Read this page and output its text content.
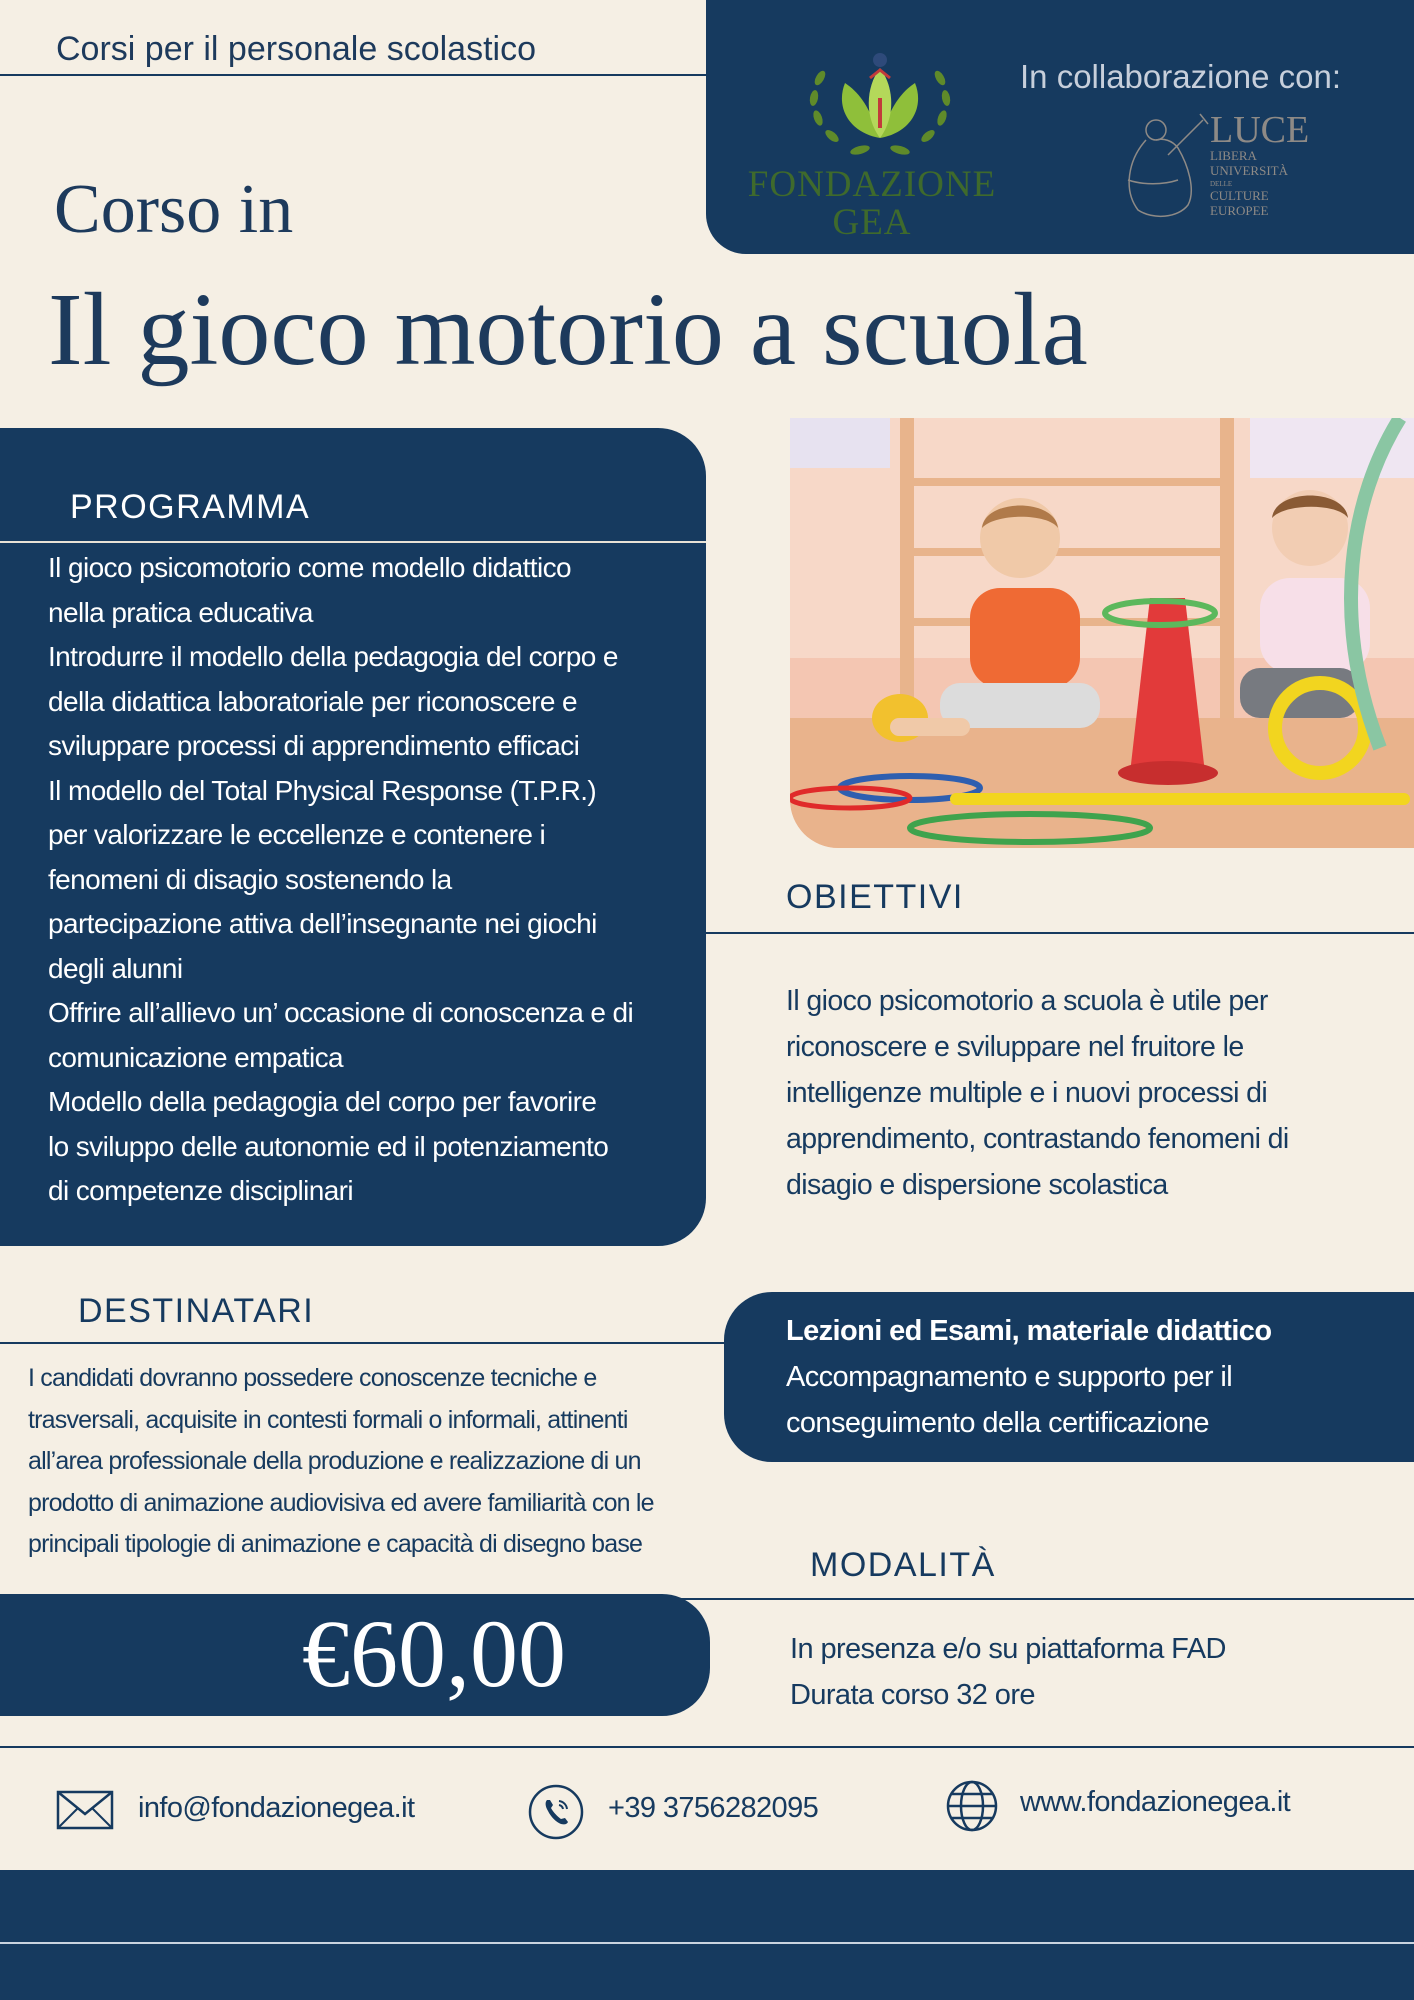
Corsi per il personale scolastico
FONDAZIONE
GEA
In collaborazione con:
LUCE
LIBERA
UNIVERSITÀ
DELLE
CULTURE
EUROPEE
Corso in
Il gioco motorio a scuola
PROGRAMMA
Il gioco psicomotorio come modello didattico
nella pratica educativa
Introdurre il modello della pedagogia del corpo e
della didattica laboratoriale per riconoscere e
sviluppare processi di apprendimento efficaci
Il modello del Total Physical Response (T.P.R.)
per valorizzare le eccellenze e contenere i
fenomeni di disagio sostenendo la
partecipazione attiva dell’insegnante nei giochi
degli alunni
Offrire all’allievo un’ occasione di conoscenza e di
comunicazione empatica
Modello della pedagogia del corpo per favorire
lo sviluppo delle autonomie ed il potenziamento
di competenze disciplinari
OBIETTIVI
Il gioco psicomotorio a scuola è utile per
riconoscere e sviluppare nel fruitore le
intelligenze multiple e i nuovi processi di
apprendimento, contrastando fenomeni di
disagio e dispersione scolastica
DESTINATARI
I candidati dovranno possedere conoscenze tecniche e
trasversali, acquisite in contesti formali o informali, attinenti
all’area professionale della produzione e realizzazione di un
prodotto di animazione audiovisiva ed avere familiarità con le
principali tipologie di animazione e capacità di disegno base
Lezioni ed Esami, materiale didattico
Accompagnamento e supporto per il
conseguimento della certificazione
€60,00
MODALITÀ
In presenza e/o su piattaforma FAD
Durata corso 32 ore
info@fondazionegea.it	+39 3756282095	www.fondazionegea.it
